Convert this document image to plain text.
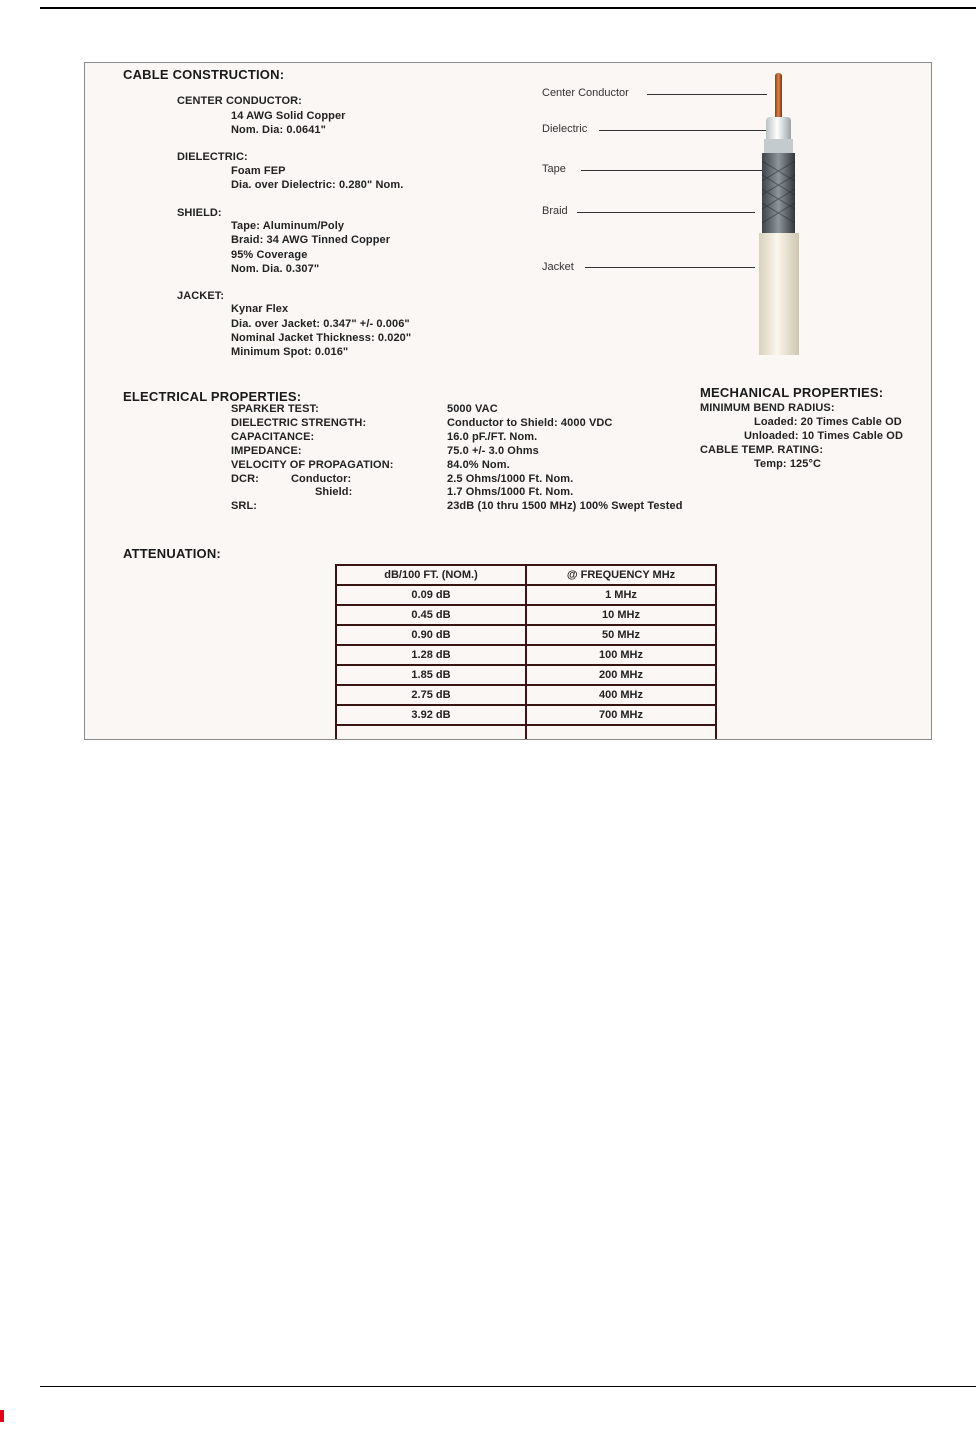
CABLE CONSTRUCTION:
CENTER CONDUCTOR:
14 AWG Solid Copper
Nom. Dia: 0.0641"
DIELECTRIC:
Foam FEP
Dia. over Dielectric: 0.280" Nom.
SHIELD:
Tape: Aluminum/Poly
Braid: 34 AWG Tinned Copper
95% Coverage
Nom. Dia. 0.307"
JACKET:
Kynar Flex
Dia. over Jacket: 0.347" +/- 0.006"
Nominal Jacket Thickness: 0.020"
Minimum Spot: 0.016"
Center Conductor
Dielectric
Tape
Braid
Jacket
ELECTRICAL PROPERTIES:
SPARKER TEST:	5000 VAC
DIELECTRIC STRENGTH:	Conductor to Shield: 4000 VDC
CAPACITANCE:	16.0 pF./FT. Nom.
IMPEDANCE:	75.0 +/- 3.0 Ohms
VELOCITY OF PROPAGATION:	84.0% Nom.
DCR:	Conductor:	2.5 Ohms/1000 Ft. Nom.
Shield:	1.7 Ohms/1000 Ft. Nom.
SRL:	23dB (10 thru 1500 MHz) 100% Swept Tested
MECHANICAL PROPERTIES:
MINIMUM BEND RADIUS:
Loaded: 20 Times Cable OD
Unloaded: 10 Times Cable OD
CABLE TEMP. RATING:
Temp: 125°C
ATTENUATION:
dB/100 FT. (NOM.)	@ FREQUENCY MHz
0.09 dB	1 MHz
0.45 dB	10 MHz
0.90 dB	50 MHz
1.28 dB	100 MHz
1.85 dB	200 MHz
2.75 dB	400 MHz
3.92 dB	700 MHz
